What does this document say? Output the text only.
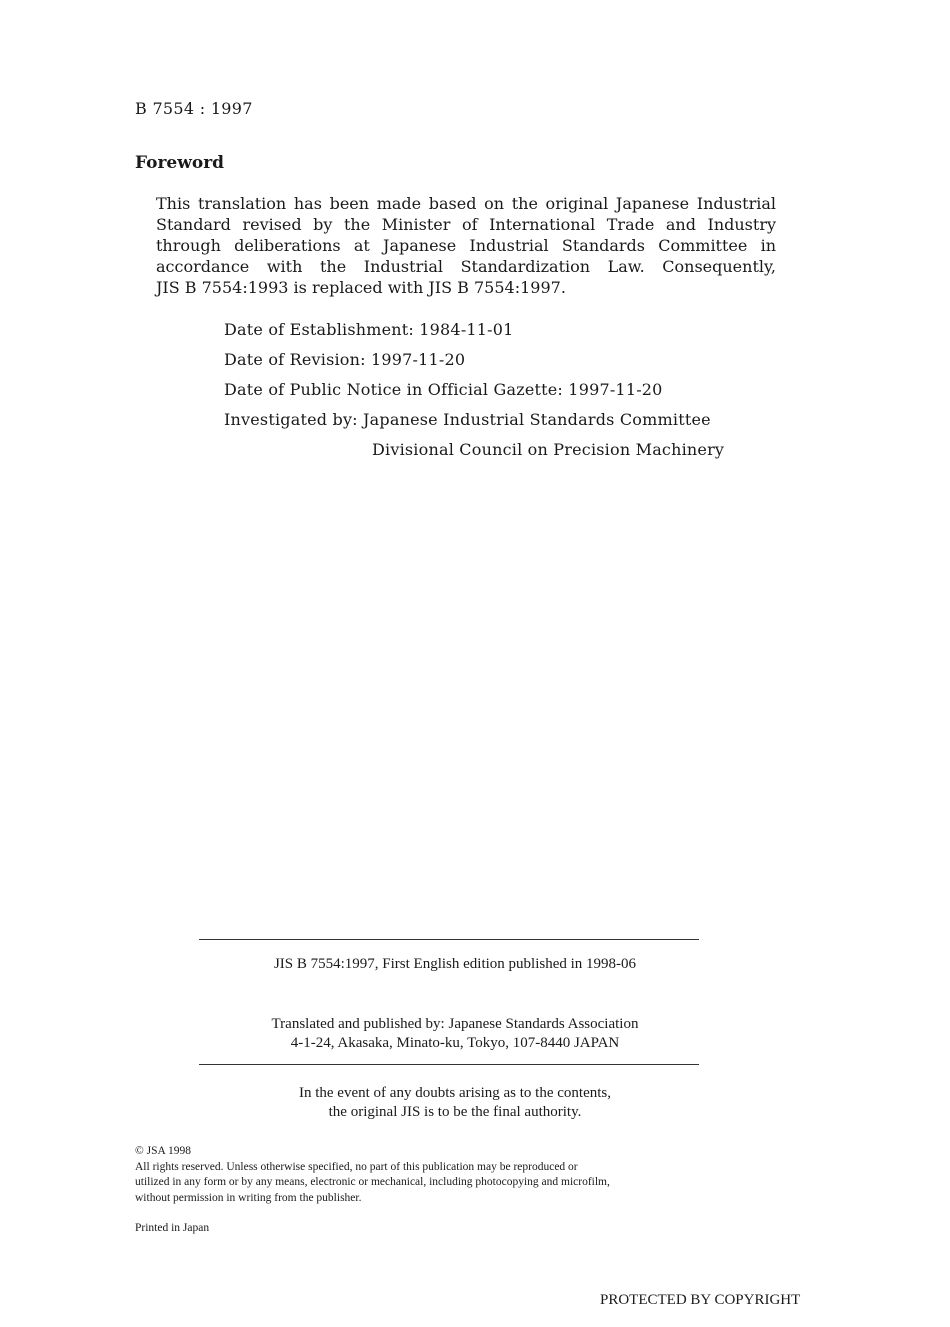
B 7554 : 1997
Foreword
This translation has been made based on the original Japanese Industrial
Standard revised by the Minister of International Trade and Industry
through deliberations at Japanese Industrial Standards Committee in
accordance with the Industrial Standardization Law. Consequently,
JIS B 7554:1993 is replaced with JIS B 7554:1997.
Date of Establishment: 1984-11-01
Date of Revision: 1997-11-20
Date of Public Notice in Official Gazette: 1997-11-20
Investigated by: Japanese Industrial Standards Committee
Divisional Council on Precision Machinery
JIS B 7554:1997, First English edition published in 1998-06
Translated and published by: Japanese Standards Association
4-1-24, Akasaka, Minato-ku, Tokyo, 107-8440 JAPAN
In the event of any doubts arising as to the contents,
the original JIS is to be the final authority.
© JSA 1998
All rights reserved. Unless otherwise specified, no part of this publication may be reproduced or
utilized in any form or by any means, electronic or mechanical, including photocopying and microfilm,
without permission in writing from the publisher.
Printed in Japan
PROTECTED BY COPYRIGHT
